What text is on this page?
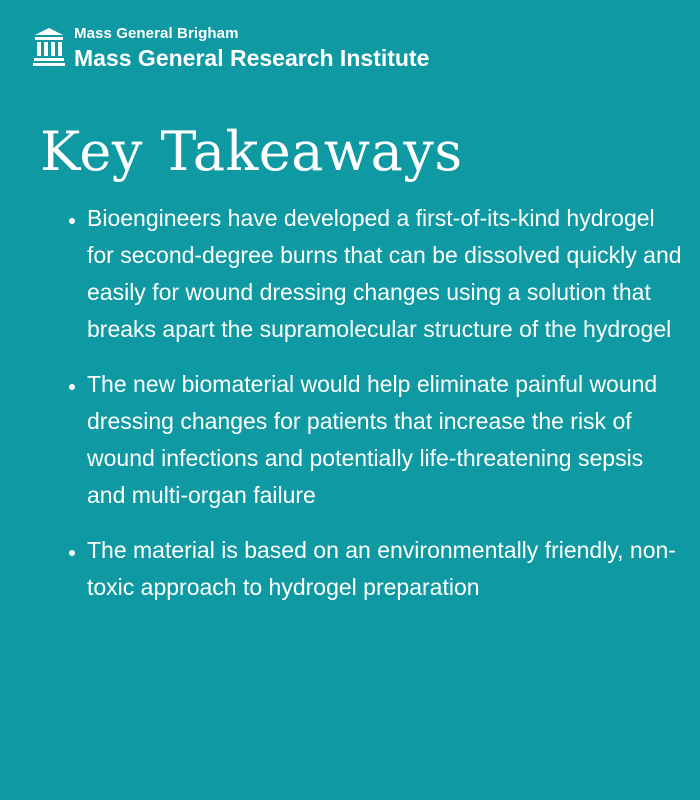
Mass General Brigham
Mass General Research Institute
Key Takeaways
• Bioengineers have developed a first-of-its-kind hydrogel for second-degree burns that can be dissolved quickly and easily for wound dressing changes using a solution that breaks apart the supramolecular structure of the hydrogel
• The new biomaterial would help eliminate painful wound dressing changes for patients that increase the risk of wound infections and potentially life-threatening sepsis and multi-organ failure
• The material is based on an environmentally friendly, non-toxic approach to hydrogel preparation
